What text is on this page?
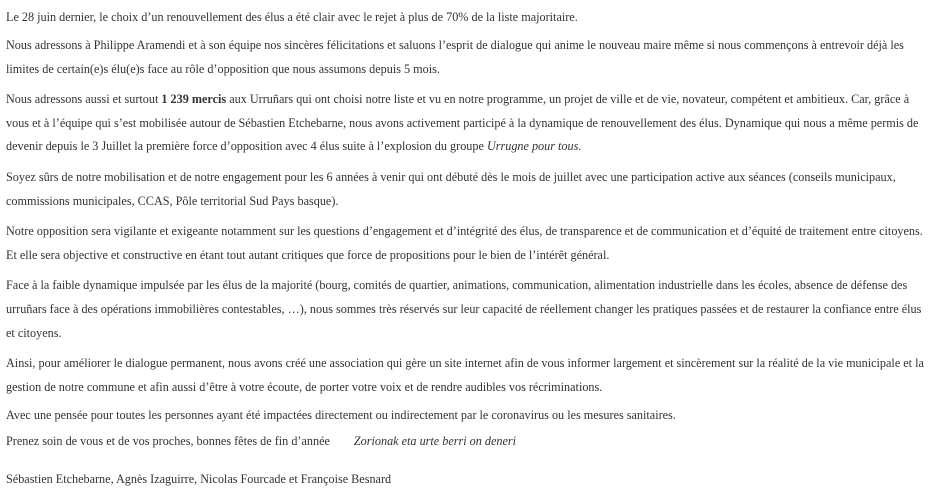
Le 28 juin dernier, le choix d’un renouvellement des élus a été clair avec le rejet à plus de 70% de la liste majoritaire.

Nous adressons à Philippe Aramendi et à son équipe nos sincères félicitations et saluons l’esprit de dialogue qui anime le nouveau maire même si nous commençons à entrevoir déjà les limites de certain(e)s élu(e)s face au rôle d’opposition que nous assumons depuis 5 mois.

Nous adressons aussi et surtout 1 239 mercis aux Urruñars qui ont choisi notre liste et vu en notre programme, un projet de ville et de vie, novateur, compétent et ambitieux. Car, grâce à vous et à l’équipe qui s’est mobilisée autour de Sébastien Etchebarne, nous avons activement participé à la dynamique de renouvellement des élus. Dynamique qui nous a même permis de devenir depuis le 3 Juillet la première force d’opposition avec 4 élus suite à l’explosion du groupe Urrugne pour tous.

Soyez sûrs de notre mobilisation et de notre engagement pour les 6 années à venir qui ont débuté dès le mois de juillet avec une participation active aux séances (conseils municipaux, commissions municipales, CCAS, Pôle territorial Sud Pays basque).

Notre opposition sera vigilante et exigeante notamment sur les questions d’engagement et d’intégrité des élus, de transparence et de communication et d’équité de traitement entre citoyens. Et elle sera objective et constructive en étant tout autant critiques que force de propositions pour le bien de l’intérêt général.

Face à la faible dynamique impulsée par les élus de la majorité (bourg, comités de quartier, animations, communication, alimentation industrielle dans les écoles, absence de défense des urruñars face à des opérations immobilières contestables, …), nous sommes très réservés sur leur capacité de réellement changer les pratiques passées et de restaurer la confiance entre élus et citoyens.

Ainsi, pour améliorer le dialogue permanent, nous avons créé une association qui gère un site internet afin de vous informer largement et sincèrement sur la réalité de la vie municipale et la gestion de notre commune et afin aussi d’être à votre écoute, de porter votre voix et de rendre audibles vos récriminations.

Avec une pensée pour toutes les personnes ayant été impactées directement ou indirectement par le coronavirus ou les mesures sanitaires.

Prenez soin de vous et de vos proches, bonnes fêtes de fin d’année Zorionak eta urte berri on deneri

Sébastien Etchebarne, Agnès Izaguirre, Nicolas Fourcade et Françoise Besnard
